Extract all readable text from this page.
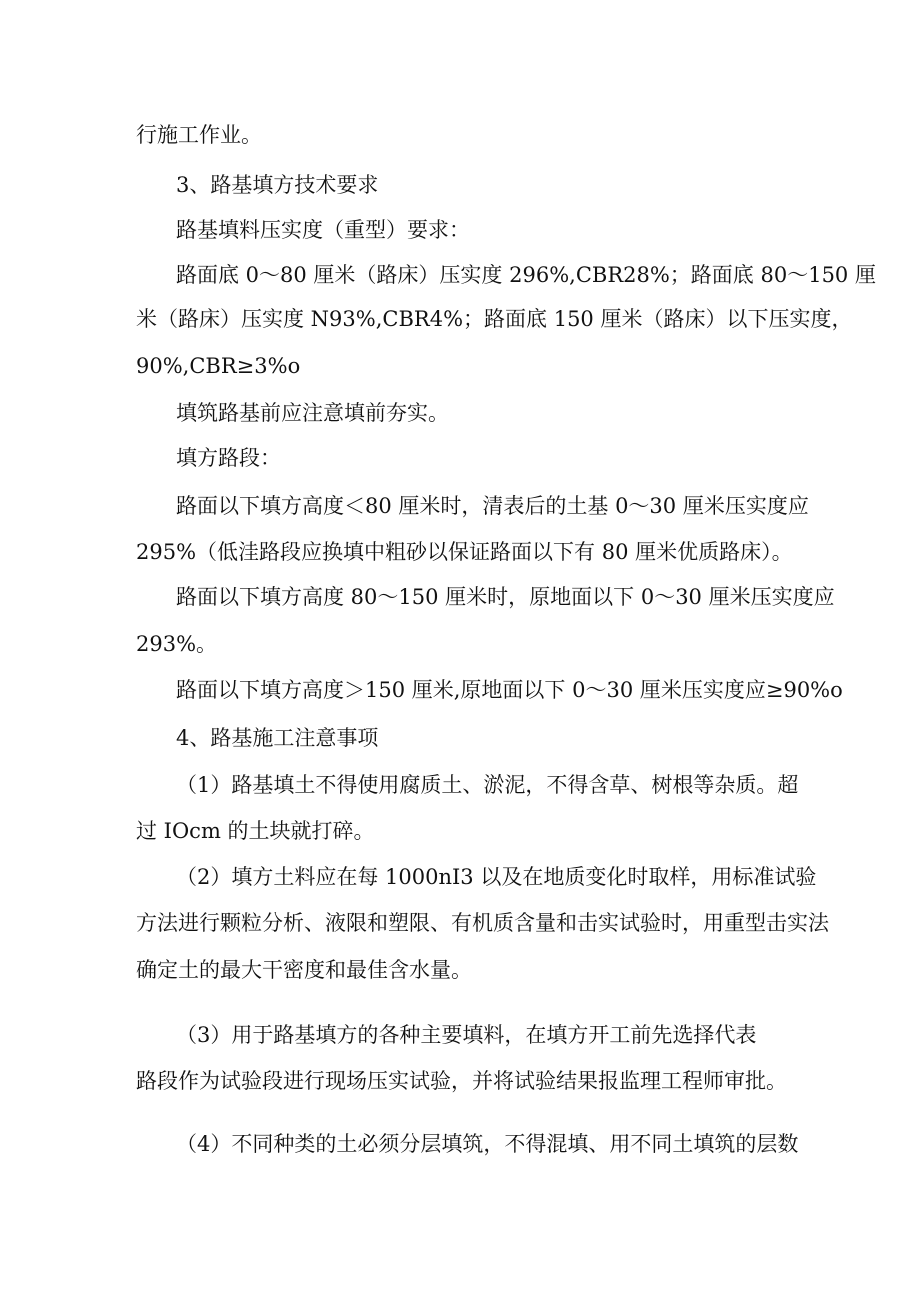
行施工作业。
3、路基填方技术要求
路基填料压实度（重型）要求：
路面底 0～80 厘米（路床）压实度 296%,CBR28%；路面底 80～150 厘
米（路床）压实度 N93%,CBR4%；路面底 150 厘米（路床）以下压实度，
90%,CBR≥3%o
填筑路基前应注意填前夯实。
填方路段：
路面以下填方高度＜80 厘米时，清表后的土基 0～30 厘米压实度应
295%（低洼路段应换填中粗砂以保证路面以下有 80 厘米优质路床）。
路面以下填方高度 80～150 厘米时，原地面以下 0～30 厘米压实度应
293%。
路面以下填方高度＞150 厘米,原地面以下 0～30 厘米压实度应≥90%o
4、路基施工注意事项
（1）路基填土不得使用腐质土、淤泥，不得含草、树根等杂质。超
过 IOcm 的土块就打碎。
（2）填方土料应在每 1000nI3 以及在地质变化时取样，用标准试验
方法进行颗粒分析、液限和塑限、有机质含量和击实试验时，用重型击实法
确定土的最大干密度和最佳含水量。
（3）用于路基填方的各种主要填料，在填方开工前先选择代表
路段作为试验段进行现场压实试验，并将试验结果报监理工程师审批。
（4）不同种类的土必须分层填筑，不得混填、用不同土填筑的层数
